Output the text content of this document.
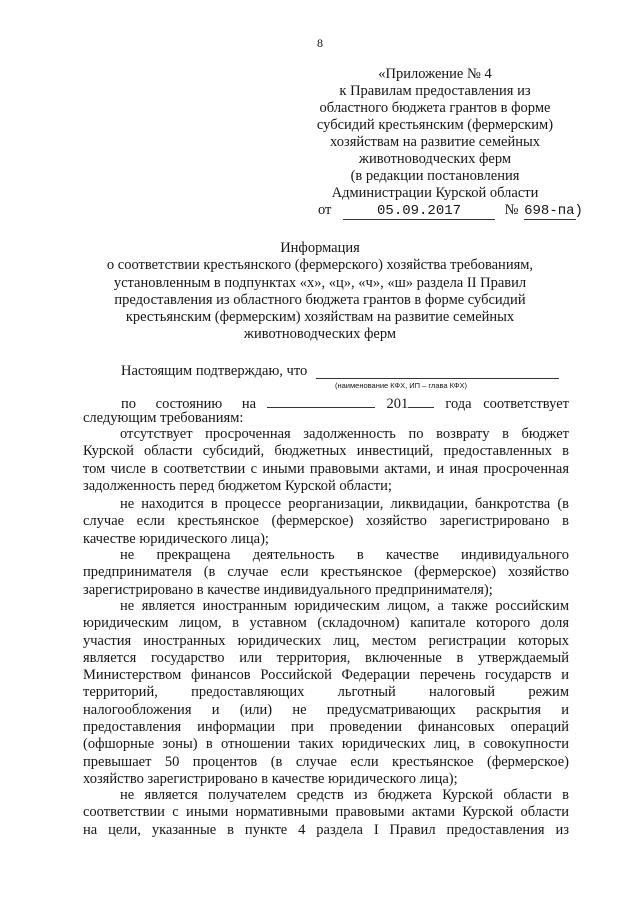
8
«Приложение № 4
к Правилам предоставления из
областного бюджета грантов в форме
субсидий крестьянским (фермерским)
хозяйствам на развитие семейных
животноводческих ферм
(в редакции постановления
Администрации Курской области
от	05.09.2017	№ 698-па)
Информация
о соответствии крестьянского (фермерского) хозяйства требованиям,
установленным в подпунктах «х», «ц», «ч», «ш» раздела II Правил
предоставления из областного бюджета грантов в форме субсидий
крестьянским (фермерским) хозяйствам на развитие семейных
животноводческих ферм
Настоящим подтверждаю, что
(наименование КФХ, ИП – глава КФХ)
по состоянию на	201	года соответствует
следующим требованиям:
отсутствует просроченная задолженность по возврату в бюджет
Курской области субсидий, бюджетных инвестиций, предоставленных в
том числе в соответствии с иными правовыми актами, и иная просроченная
задолженность перед бюджетом Курской области;
не находится в процессе реорганизации, ликвидации, банкротства (в
случае если крестьянское (фермерское) хозяйство зарегистрировано в
качестве юридического лица);
не прекращена деятельность в качестве индивидуального
предпринимателя (в случае если крестьянское (фермерское) хозяйство
зарегистрировано в качестве индивидуального предпринимателя);
не является иностранным юридическим лицом, а также российским
юридическим лицом, в уставном (складочном) капитале которого доля
участия иностранных юридических лиц, местом регистрации которых
является государство или территория, включенные в утверждаемый
Министерством финансов Российской Федерации перечень государств и
территорий, предоставляющих льготный налоговый режим
налогообложения и (или) не предусматривающих раскрытия и
предоставления информации при проведении финансовых операций
(офшорные зоны) в отношении таких юридических лиц, в совокупности
превышает 50 процентов (в случае если крестьянское (фермерское)
хозяйство зарегистрировано в качестве юридического лица);
не является получателем средств из бюджета Курской области в
соответствии с иными нормативными правовыми актами Курской области
на цели, указанные в пункте 4 раздела I Правил предоставления из
